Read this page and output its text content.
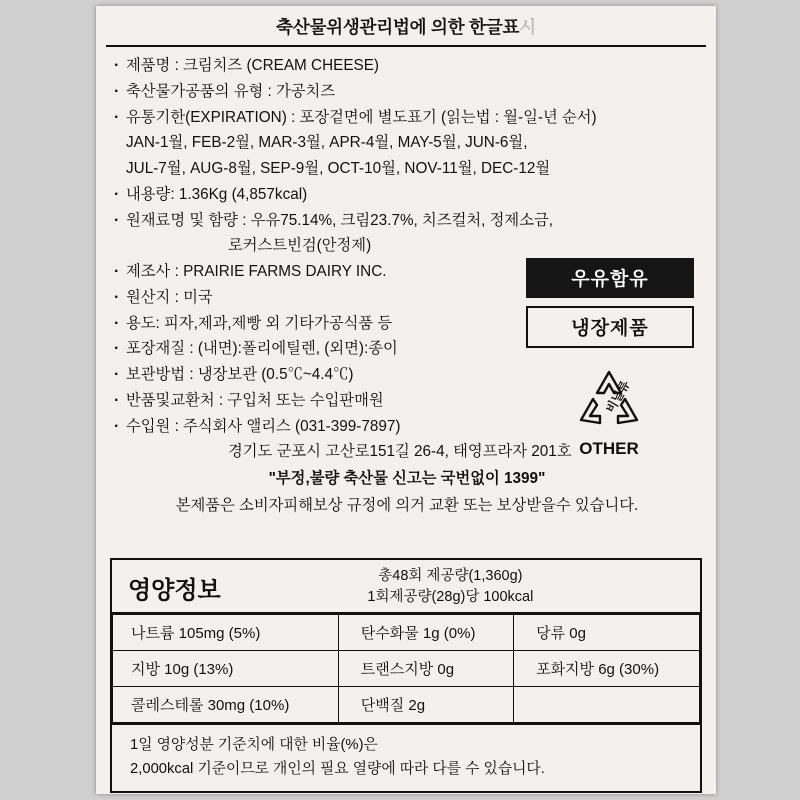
축산물위생관리법에 의한 한글표시
· 제품명 : 크림치즈 (CREAM CHEESE)
· 축산물가공품의 유형 : 가공치즈
· 유통기한(EXPIRATION) : 포장겉면에 별도표기 (읽는법 : 월-일-년 순서)
JAN-1월, FEB-2월, MAR-3월, APR-4월, MAY-5월, JUN-6월,
JUL-7월, AUG-8월, SEP-9월, OCT-10월, NOV-11월, DEC-12월
· 내용량: 1.36Kg (4,857kcal)
· 원재료명 및 함량 : 우유75.14%, 크림23.7%, 치즈컬처, 정제소금,
로커스트빈검(안정제)
· 제조사 : PRAIRIE FARMS DAIRY INC.
· 원산지 : 미국
· 용도: 피자,제과,제빵 외 기타가공식품 등
· 포장재질 : (내면):폴리에틸렌, (외면):종이
· 보관방법 : 냉장보관 (0.5℃~4.4℃)
· 반품및교환처 : 구입처 또는 수입판매원
· 수입원 : 주식회사 앨리스 (031-399-7897)
경기도 군포시 고산로151길 26-4, 태영프라자 201호
"부정,불량 축산물 신고는 국번없이 1399"
본제품은 소비자피해보상 규정에 의거 교환 또는 보상받을수 있습니다.
우유함유
냉장제품
비닐류
OTHER
영양정보
총48회 제공량(1,360g)
1회제공량(28g)당 100kcal
나트륨 105mg (5%)	탄수화물 1g (0%)	당류 0g
지방 10g (13%)	트랜스지방 0g	포화지방 6g (30%)
콜레스테롤 30mg (10%)	단백질 2g	
1일 영양성분 기준치에 대한 비율(%)은
2,000kcal 기준이므로 개인의 필요 열량에 따라 다를 수 있습니다.
